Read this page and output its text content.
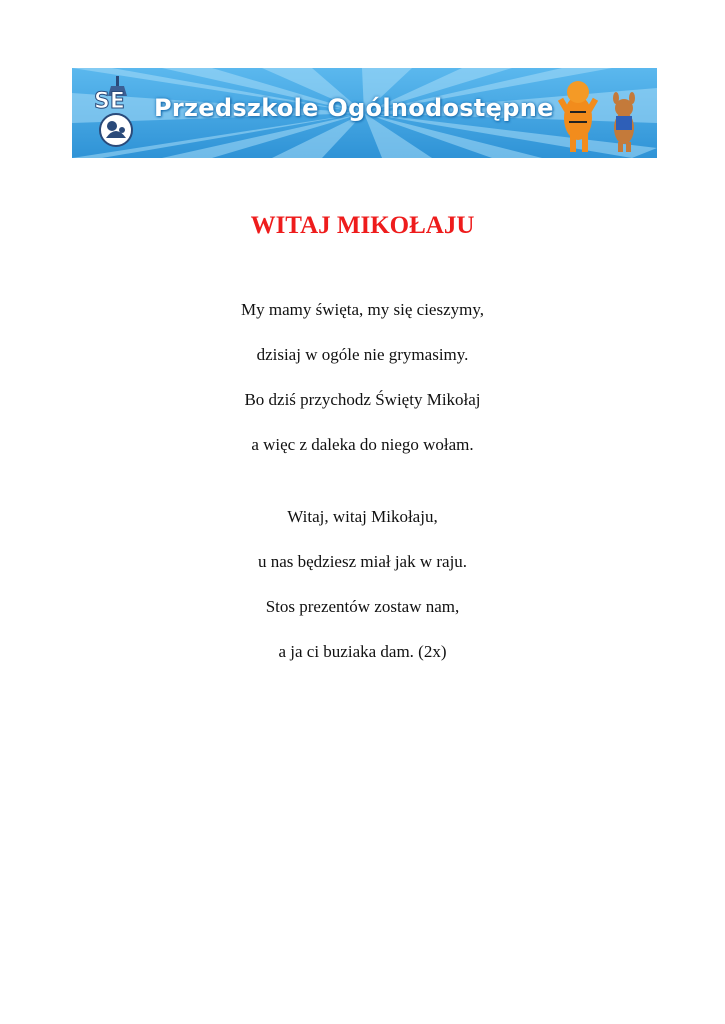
SE Przedszkole Ogólnodostępne
WITAJ MIKOŁAJU
My mamy święta, my się cieszymy,
dzisiaj w ogóle nie grymasimy.
Bo dziś przychodz Święty Mikołaj
a więc z daleka do niego wołam.
Witaj, witaj Mikołaju,
u nas będziesz miał jak w raju.
Stos prezentów zostaw nam,
a ja ci buziaka dam. (2x)
